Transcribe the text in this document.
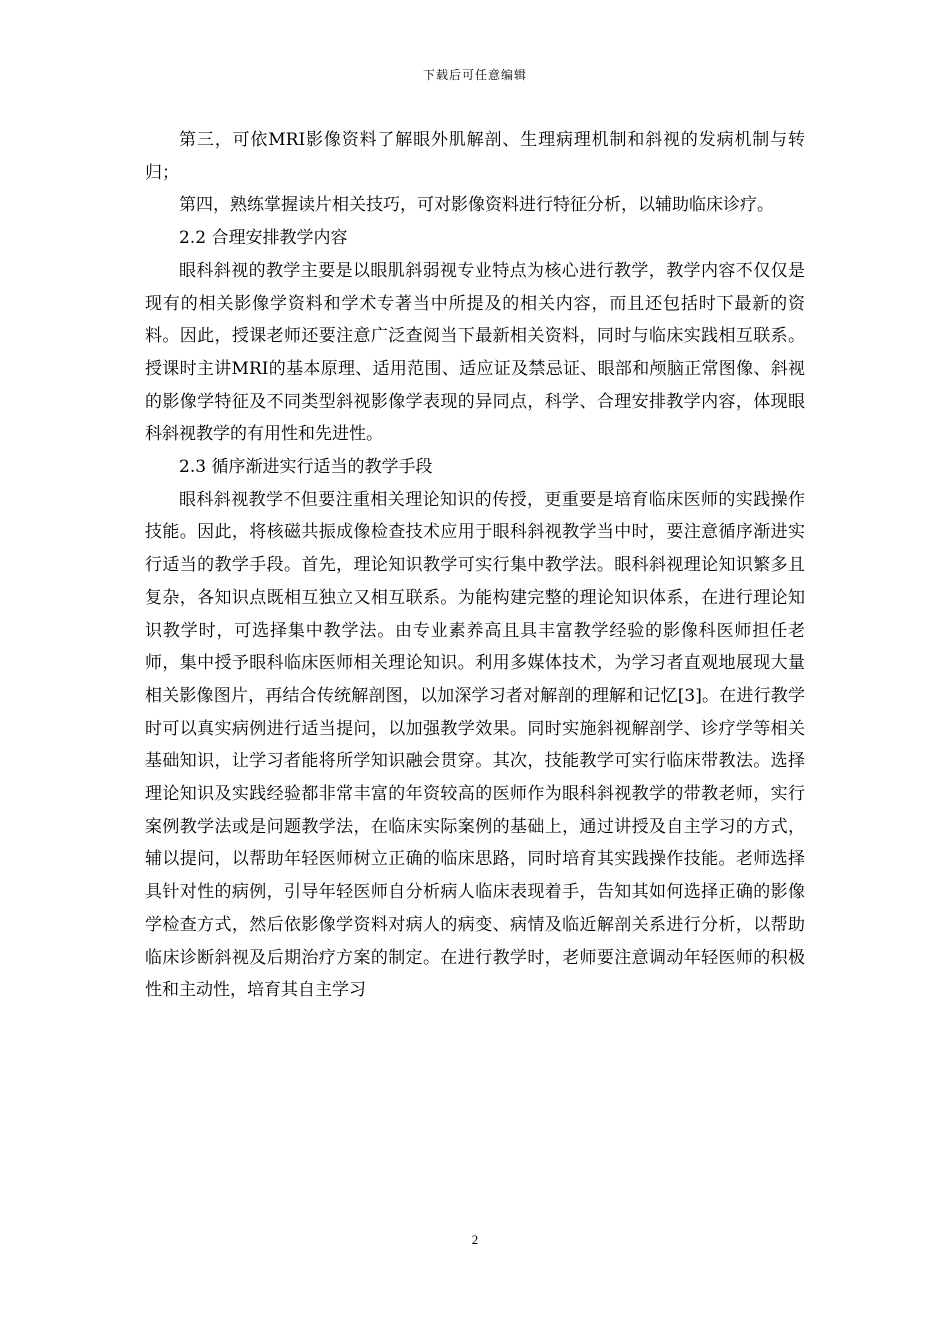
下载后可任意编辑

第三，可依MRI影像资料了解眼外肌解剖、生理病理机制和斜视的发病机制与转归；

第四，熟练掌握读片相关技巧，可对影像资料进行特征分析，以辅助临床诊疗。

2.2 合理安排教学内容

眼科斜视的教学主要是以眼肌斜弱视专业特点为核心进行教学，教学内容不仅仅是现有的相关影像学资料和学术专著当中所提及的相关内容，而且还包括时下最新的资料。因此，授课老师还要注意广泛查阅当下最新相关资料，同时与临床实践相互联系。授课时主讲MRI的基本原理、适用范围、适应证及禁忌证、眼部和颅脑正常图像、斜视的影像学特征及不同类型斜视影像学表现的异同点，科学、合理安排教学内容，体现眼科斜视教学的有用性和先进性。

2.3 循序渐进实行适当的教学手段

眼科斜视教学不但要注重相关理论知识的传授，更重要是培育临床医师的实践操作技能。因此，将核磁共振成像检查技术应用于眼科斜视教学当中时，要注意循序渐进实行适当的教学手段。首先，理论知识教学可实行集中教学法。眼科斜视理论知识繁多且复杂，各知识点既相互独立又相互联系。为能构建完整的理论知识体系，在进行理论知识教学时，可选择集中教学法。由专业素养高且具丰富教学经验的影像科医师担任老师，集中授予眼科临床医师相关理论知识。利用多媒体技术，为学习者直观地展现大量相关影像图片，再结合传统解剖图，以加深学习者对解剖的理解和记忆[3]。在进行教学时可以真实病例进行适当提问，以加强教学效果。同时实施斜视解剖学、诊疗学等相关基础知识，让学习者能将所学知识融会贯穿。其次，技能教学可实行临床带教法。选择理论知识及实践经验都非常丰富的年资较高的医师作为眼科斜视教学的带教老师，实行案例教学法或是问题教学法，在临床实际案例的基础上，通过讲授及自主学习的方式，辅以提问，以帮助年轻医师树立正确的临床思路，同时培育其实践操作技能。老师选择具针对性的病例，引导年轻医师自分析病人临床表现着手，告知其如何选择正确的影像学检查方式，然后依影像学资料对病人的病变、病情及临近解剖关系进行分析，以帮助临床诊断斜视及后期治疗方案的制定。在进行教学时，老师要注意调动年轻医师的积极性和主动性，培育其自主学习

2
